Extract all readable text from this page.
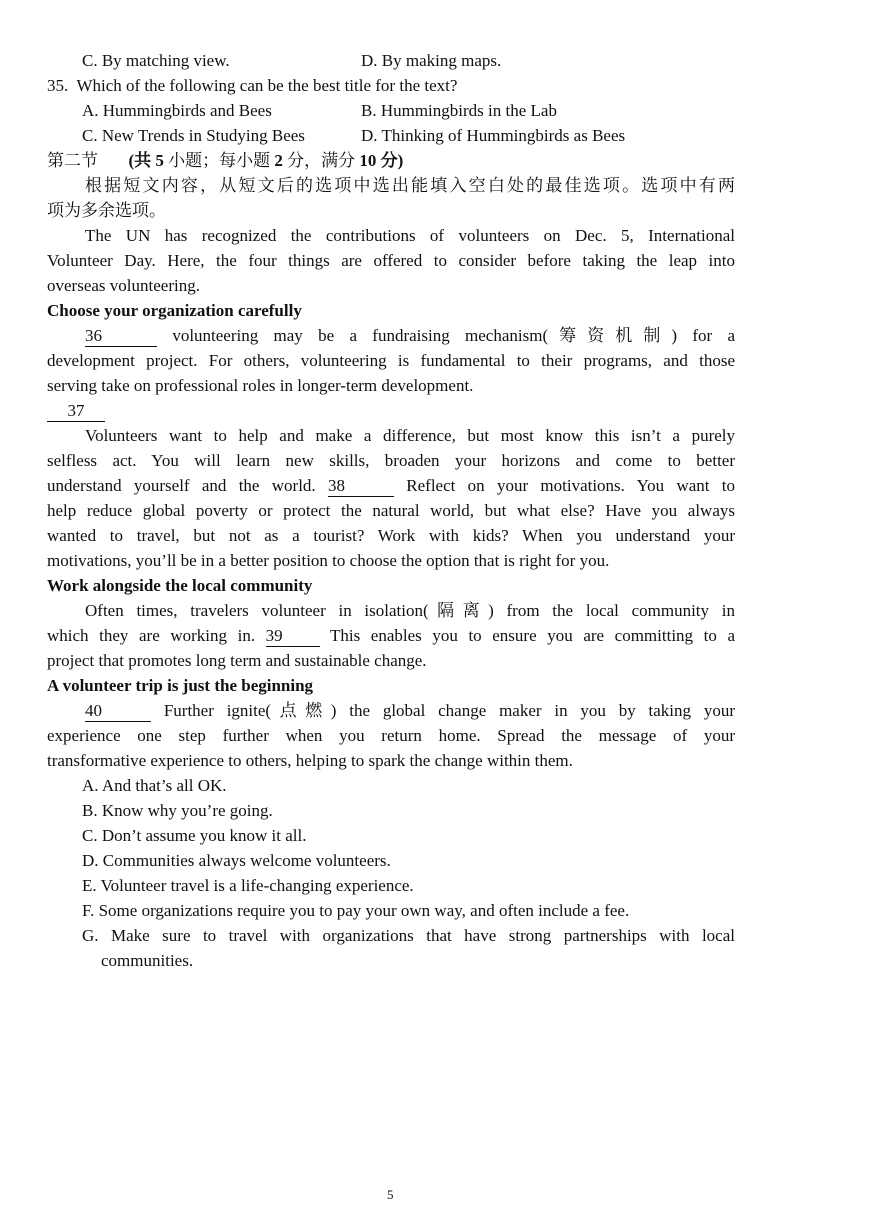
C. By matching view.	D. By making maps.
35.  Which of the following can be the best title for the text?
A. Hummingbirds and Bees	B. Hummingbirds in the Lab
C. New Trends in Studying Bees	D. Thinking of Hummingbirds as Bees
第二节 (共 5 小题；每小题 2 分，满分 10 分)
根据短文内容，从短文后的选项中选出能填入空白处的最佳选项。选项中有两
项为多余选项。
The UN has recognized the contributions of volunteers on Dec. 5, International
Volunteer Day. Here, the four things are offered to consider before taking the leap into
overseas volunteering.
Choose your organization carefully
36	volunteering may be a fundraising mechanism(筹资机制) for a
development project. For others, volunteering is fundamental to their programs, and those
serving take on professional roles in longer-term development.
37
Volunteers want to help and make a difference, but most know this isn’t a purely
selfless act. You will learn new skills, broaden your horizons and come to better
understand yourself and the world. 38	Reflect on your motivations. You want to
help reduce global poverty or protect the natural world, but what else? Have you always
wanted to travel, but not as a tourist? Work with kids? When you understand your
motivations, you’ll be in a better position to choose the option that is right for you.
Work alongside the local community
Often times, travelers volunteer in isolation(隔离) from the local community in
which they are working in. 39	This enables you to ensure you are committing to a
project that promotes long term and sustainable change.
A volunteer trip is just the beginning
40	Further ignite(点燃) the global change maker in you by taking your
experience one step further when you return home. Spread the message of your
transformative experience to others, helping to spark the change within them.
A. And that’s all OK.
B. Know why you’re going.
C. Don’t assume you know it all.
D. Communities always welcome volunteers.
E. Volunteer travel is a life-changing experience.
F. Some organizations require you to pay your own way, and often include a fee.
G. Make sure to travel with organizations that have strong partnerships with local
communities.
5
